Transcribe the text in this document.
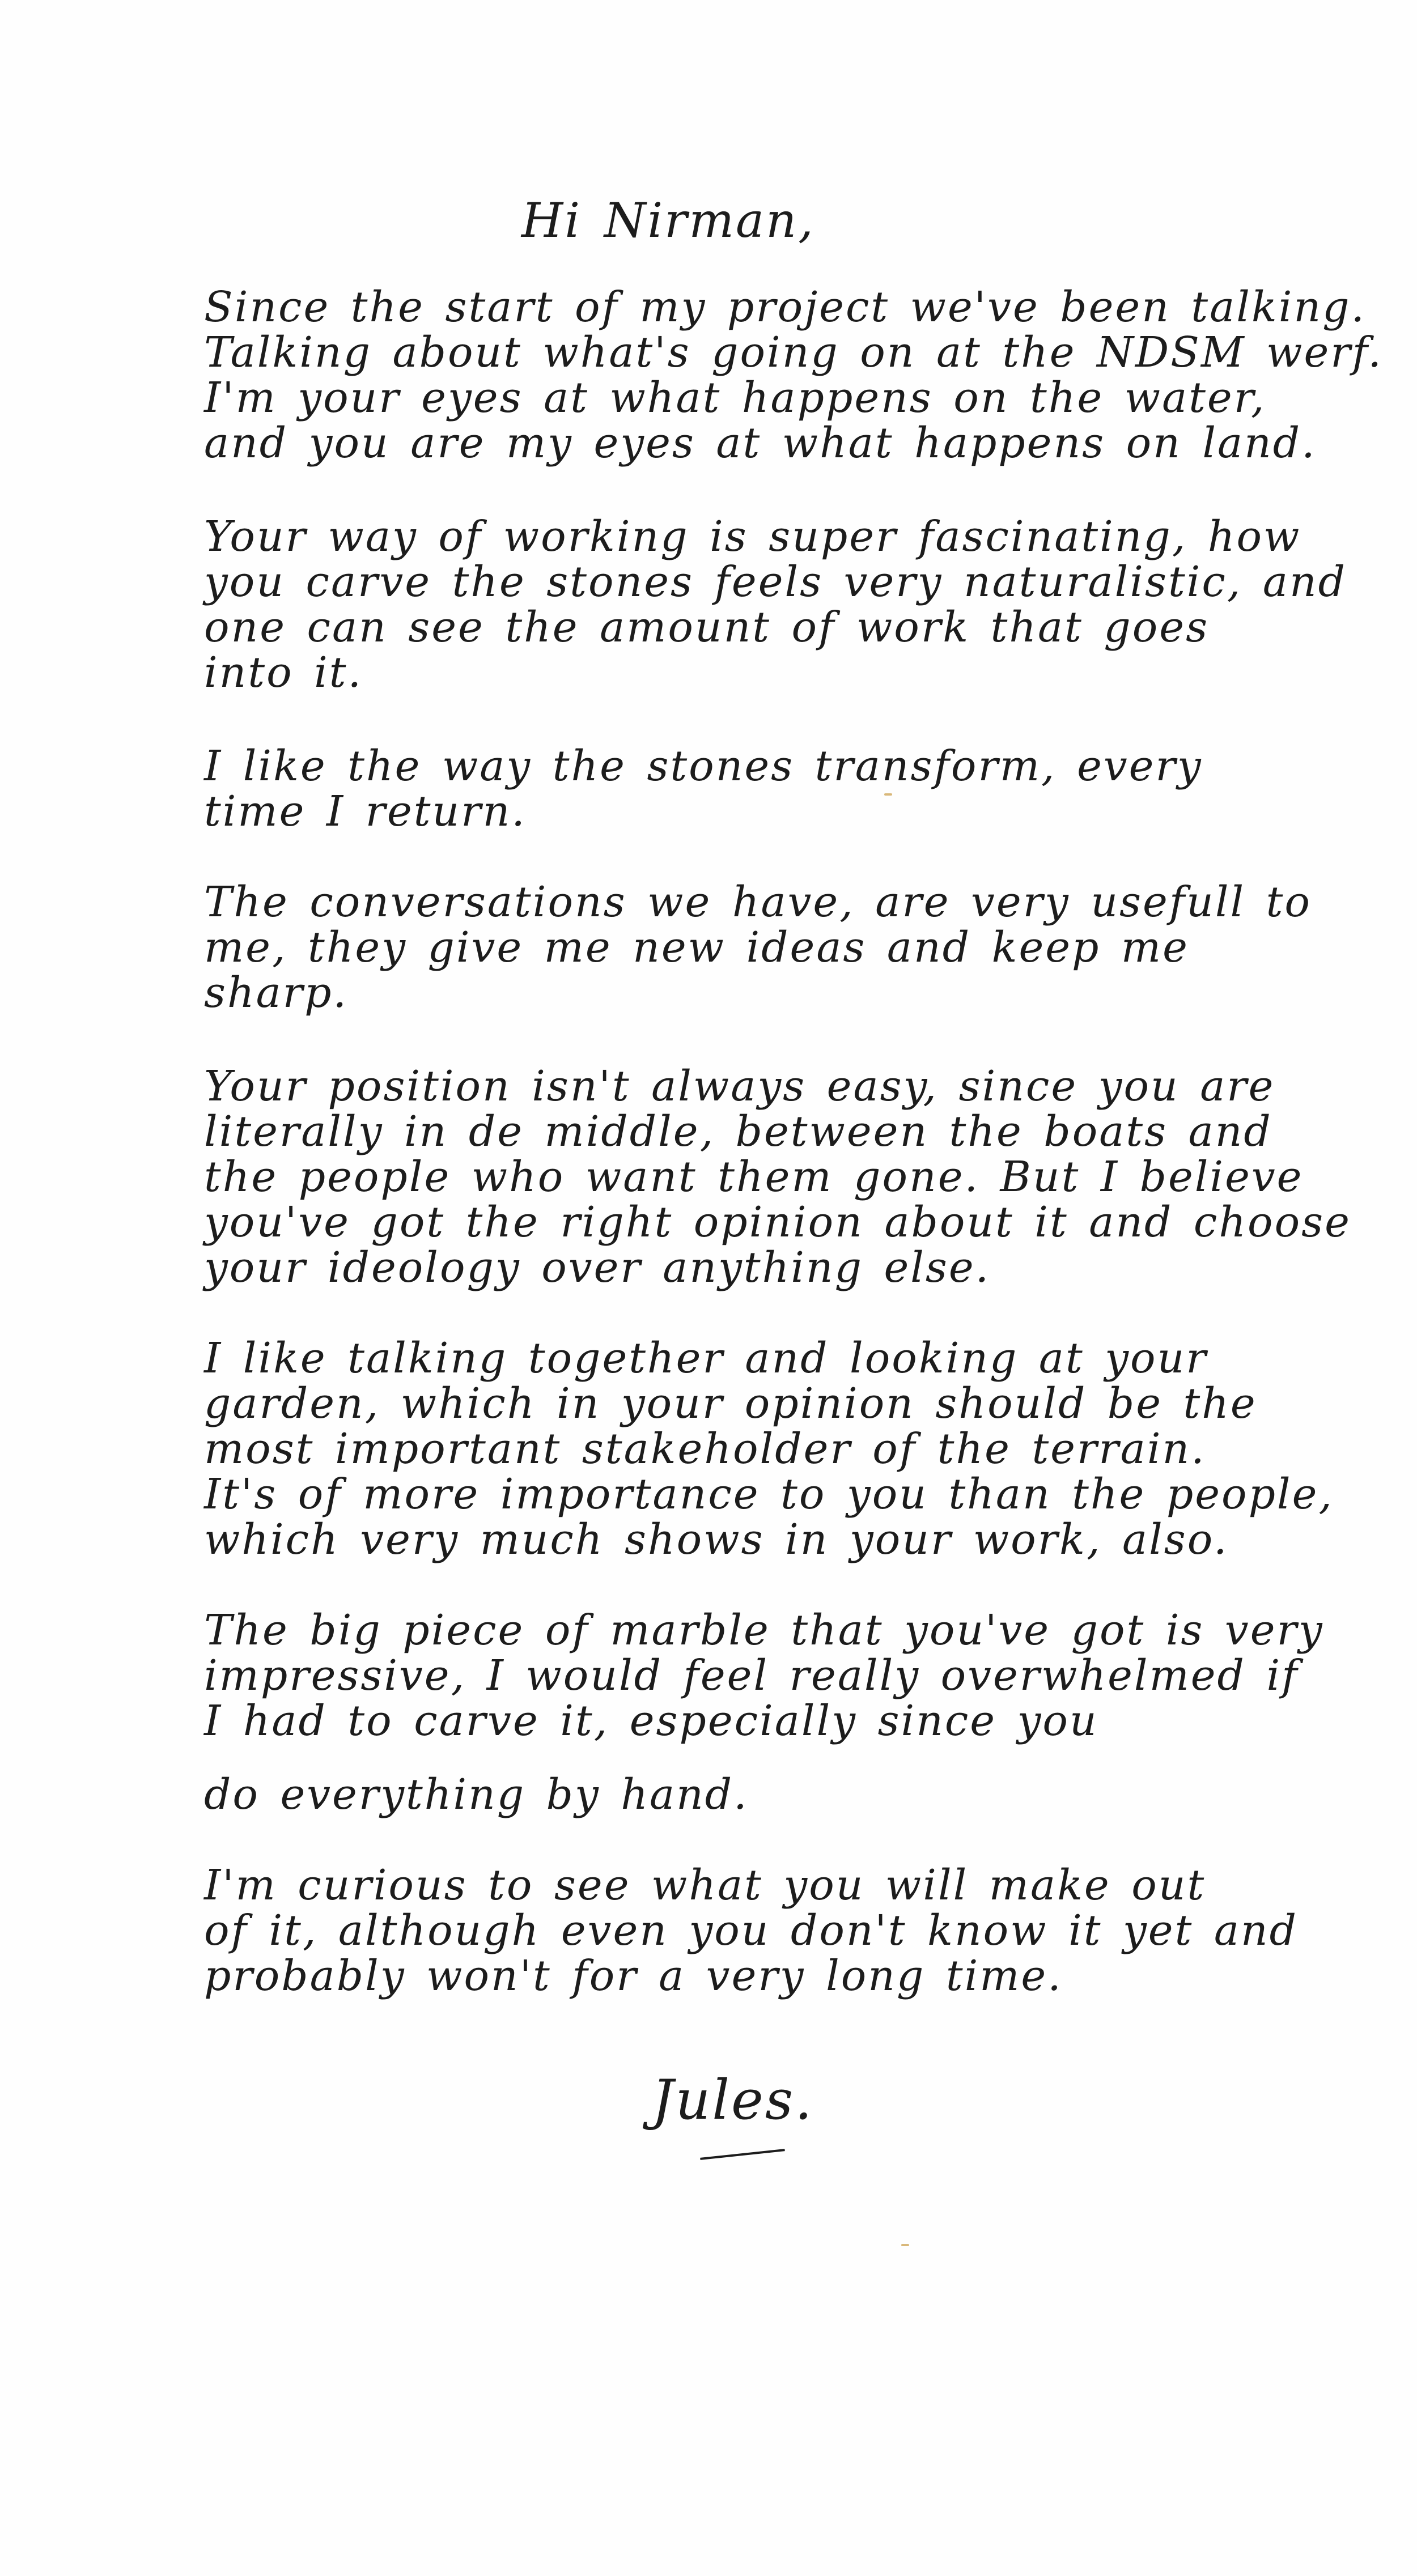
Hi Nirman,
Since the start of my project we've been talking.
Talking about what's going on at the NDSM werf.
I'm your eyes at what happens on the water,
and you are my eyes at what happens on land.
Your way of working is super fascinating, how
you carve the stones feels very naturalistic, and
one can see the amount of work that goes
into it.
I like the way the stones transform, every
time I return.
The conversations we have, are very usefull to
me, they give me new ideas and keep me
sharp.
Your position isn't always easy, since you are
literally in de middle, between the boats and
the people who want them gone. But I believe
you've got the right opinion about it and choose
your ideology over anything else.
I like talking together and looking at your
garden, which in your opinion should be the
most important stakeholder of the terrain.
It's of more importance to you than the people,
which very much shows in your work, also.
The big piece of marble that you've got is very
impressive, I would feel really overwhelmed if
I had to carve it, especially since you
do everything by hand.
I'm curious to see what you will make out
of it, although even you don't know it yet and
probably won't for a very long time.
Jules.
